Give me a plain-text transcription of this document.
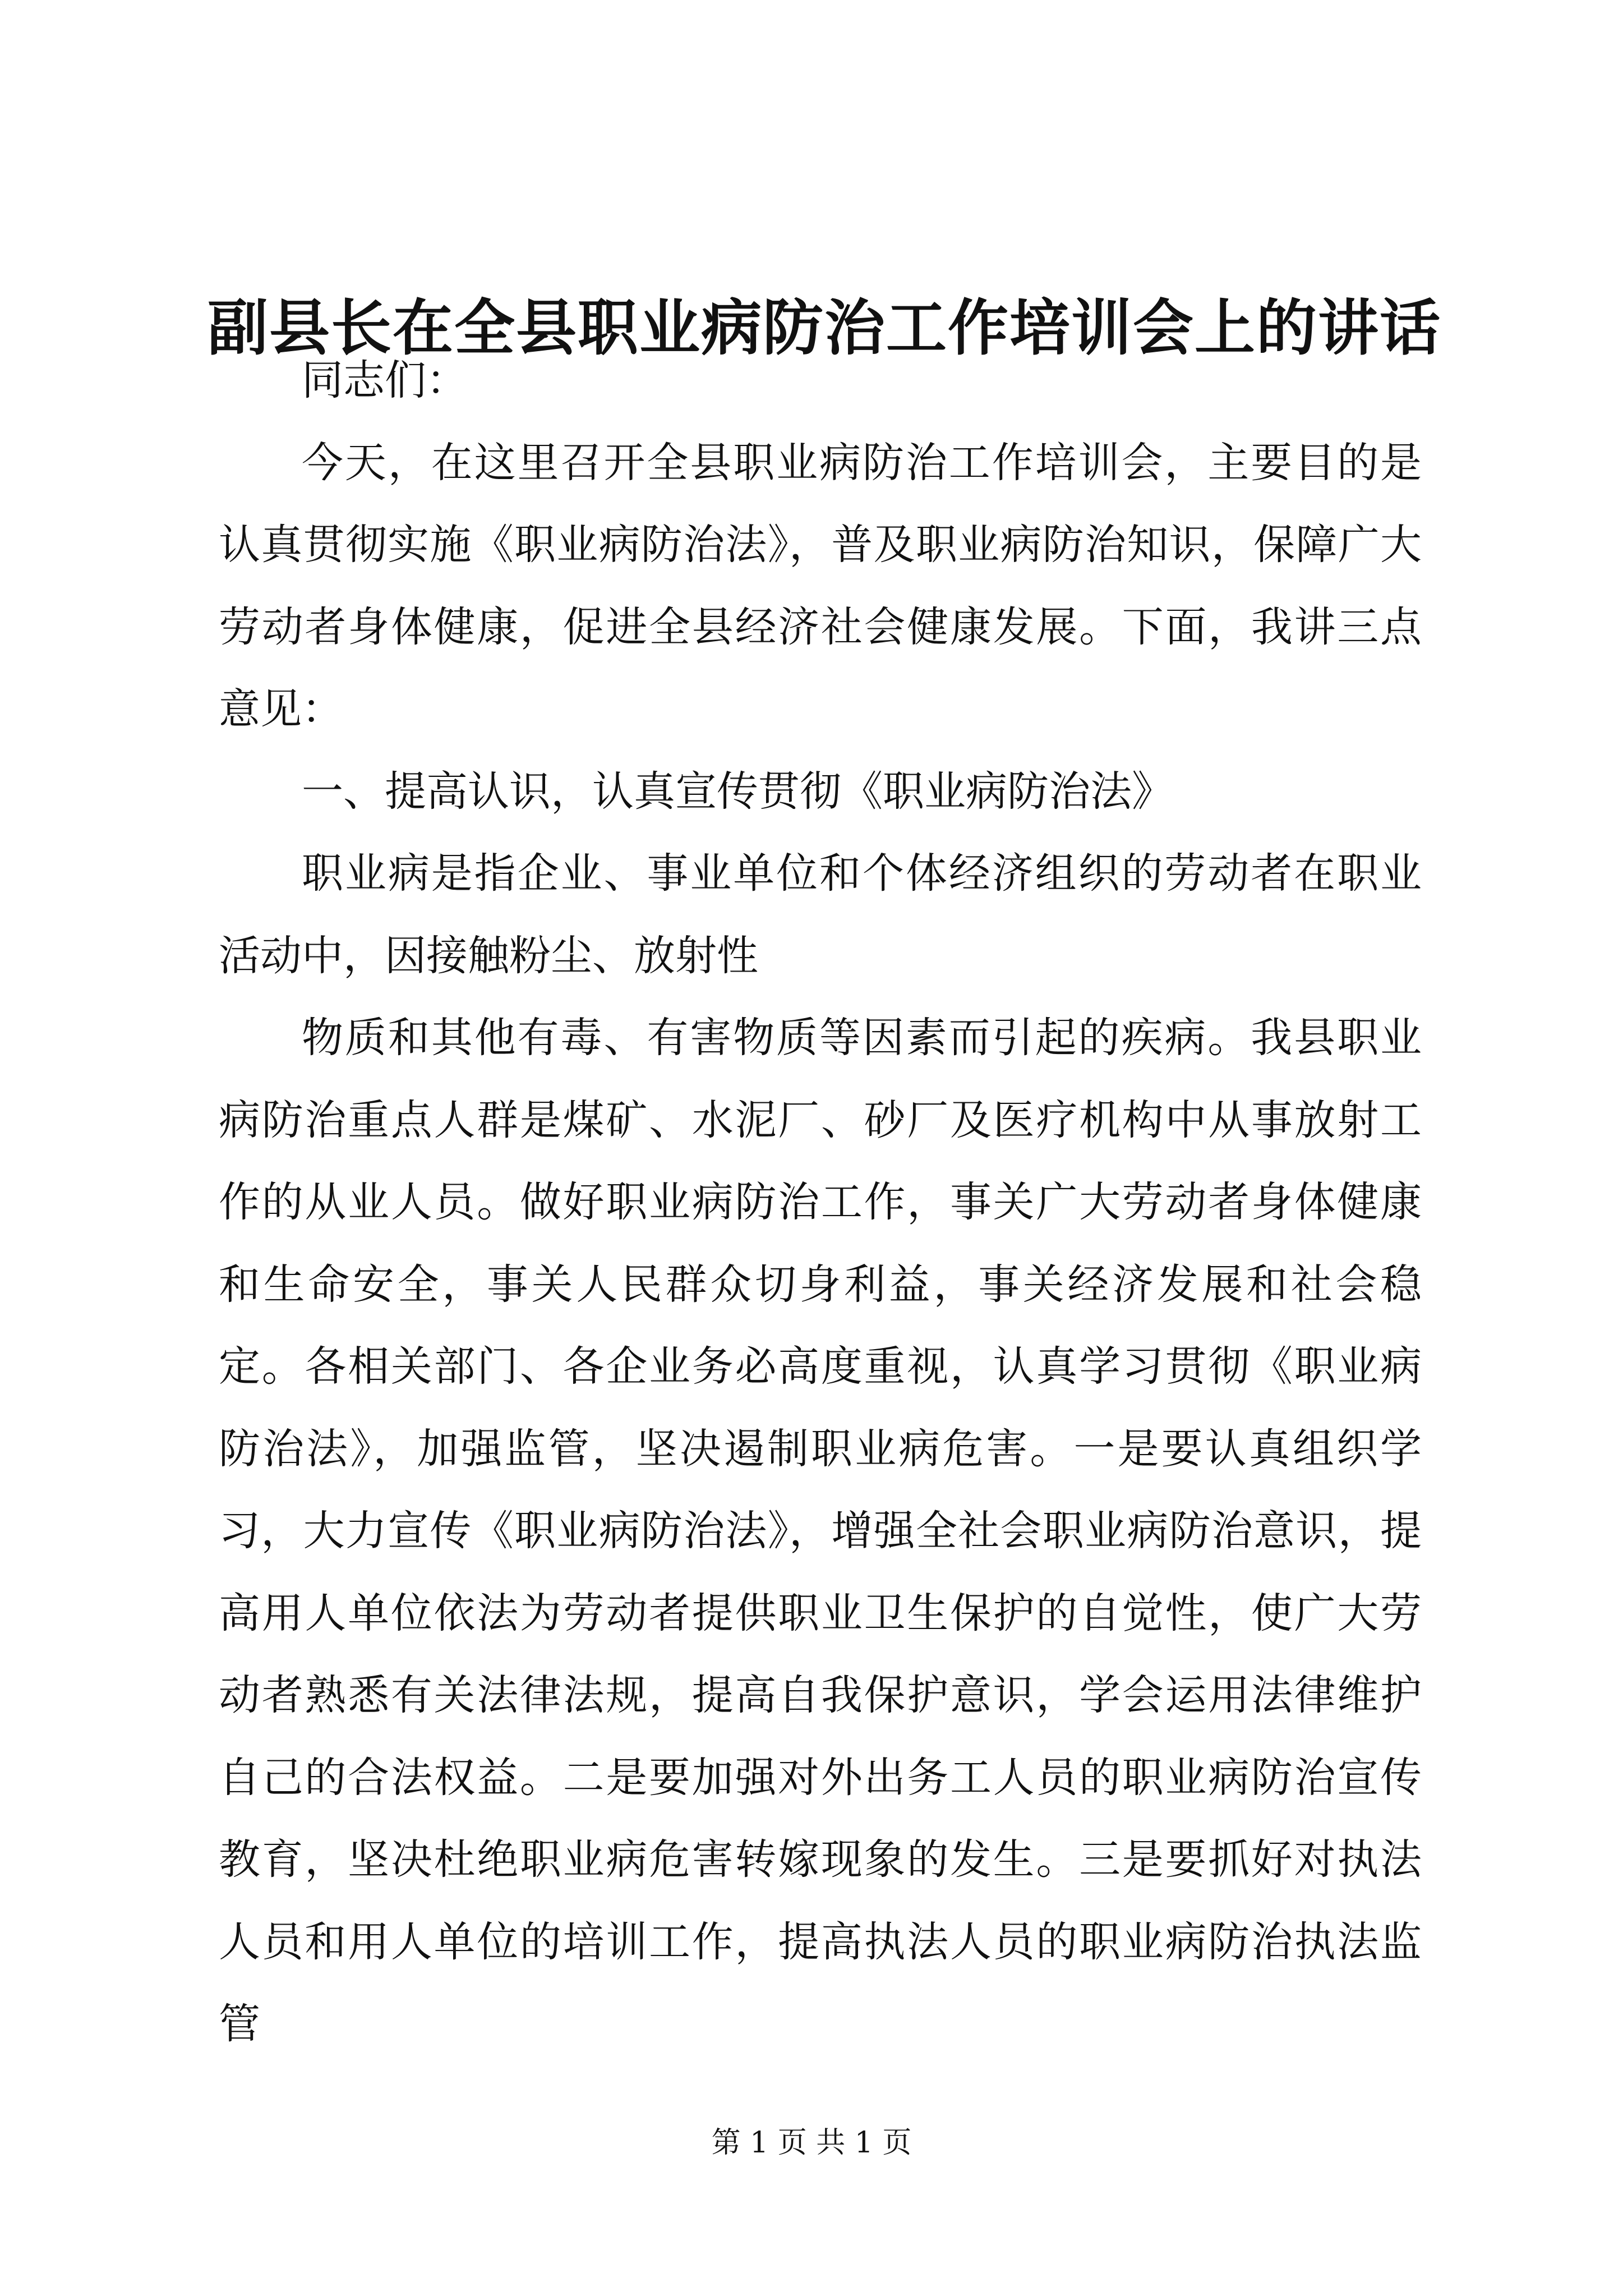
副县长在全县职业病防治工作培训会上的讲话

同志们：

今天，在这里召开全县职业病防治工作培训会，主要目的是认真贯彻实施《职业病防治法》，普及职业病防治知识，保障广大劳动者身体健康，促进全县经济社会健康发展。下面，我讲三点意见：

一、提高认识，认真宣传贯彻《职业病防治法》

职业病是指企业、事业单位和个体经济组织的劳动者在职业活动中，因接触粉尘、放射性

物质和其他有毒、有害物质等因素而引起的疾病。我县职业病防治重点人群是煤矿、水泥厂、砂厂及医疗机构中从事放射工作的从业人员。做好职业病防治工作，事关广大劳动者身体健康和生命安全，事关人民群众切身利益，事关经济发展和社会稳定。各相关部门、各企业务必高度重视，认真学习贯彻《职业病防治法》，加强监管，坚决遏制职业病危害。一是要认真组织学习，大力宣传《职业病防治法》，增强全社会职业病防治意识，提高用人单位依法为劳动者提供职业卫生保护的自觉性，使广大劳动者熟悉有关法律法规，提高自我保护意识，学会运用法律维护自己的合法权益。二是要加强对外出务工人员的职业病防治宣传教育，坚决杜绝职业病危害转嫁现象的发生。三是要抓好对执法人员和用人单位的培训工作，提高执法人员的职业病防治执法监管

第 1 页 共 1 页
